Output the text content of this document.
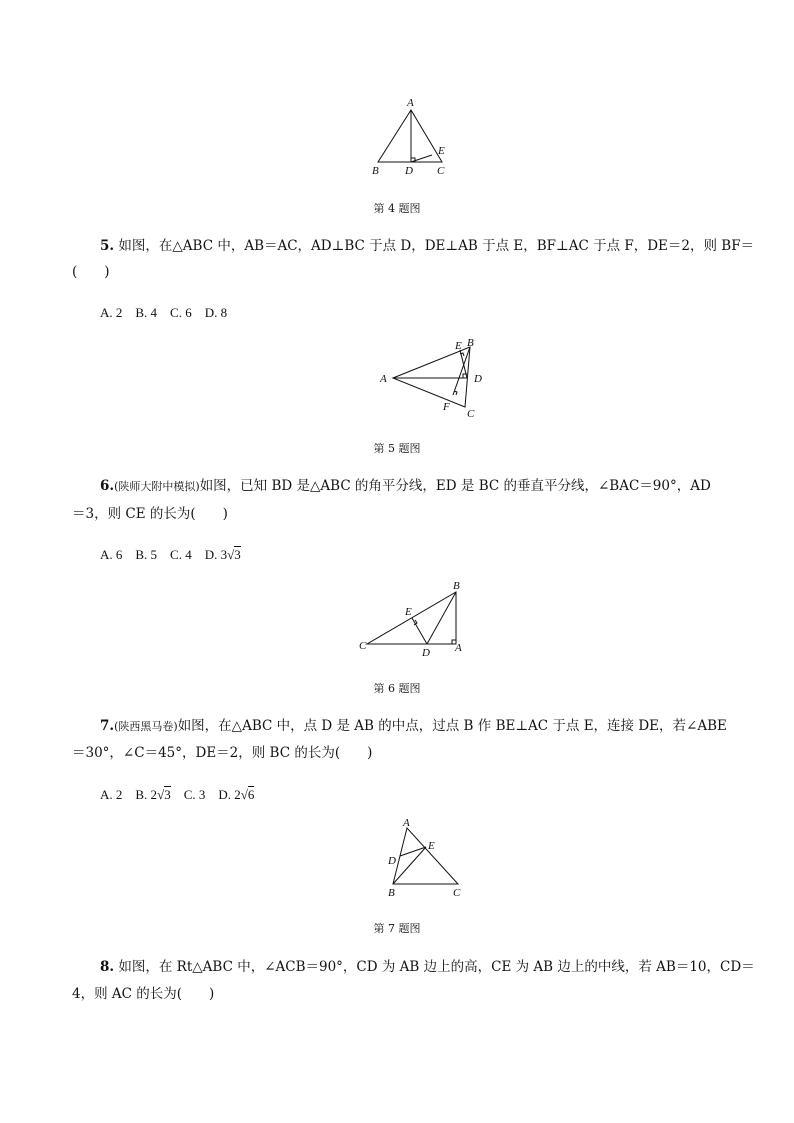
A
B D C
E
第 4 题图
5. 如图，在△ABC 中，AB＝AC，AD⊥BC 于点 D，DE⊥AB 于点 E，BF⊥AC 于点 F，DE＝2，则 BF＝
(　　)
A. 2　B. 4　C. 6　D. 8
A
E B
D
F
C
第 5 题图
6.(陕师大附中模拟)如图，已知 BD 是△ABC 的角平分线，ED 是 BC 的垂直平分线，∠BAC＝90°，AD
＝3，则 CE 的长为(　　)
A. 6　B. 5　C. 4　D. 3√3
C
E
B
D A
第 6 题图
7.(陕西黑马卷)如图，在△ABC 中，点 D 是 AB 的中点，过点 B 作 BE⊥AC 于点 E，连接 DE，若∠ABE
＝30°，∠C＝45°，DE＝2，则 BC 的长为(　　)
A. 2　B. 2√3　C. 3　D. 2√6
A
D
E
B	C
第 7 题图
8. 如图，在 Rt△ABC 中，∠ACB＝90°，CD 为 AB 边上的高，CE 为 AB 边上的中线，若 AB＝10，CD＝
4，则 AC 的长为(　　)
